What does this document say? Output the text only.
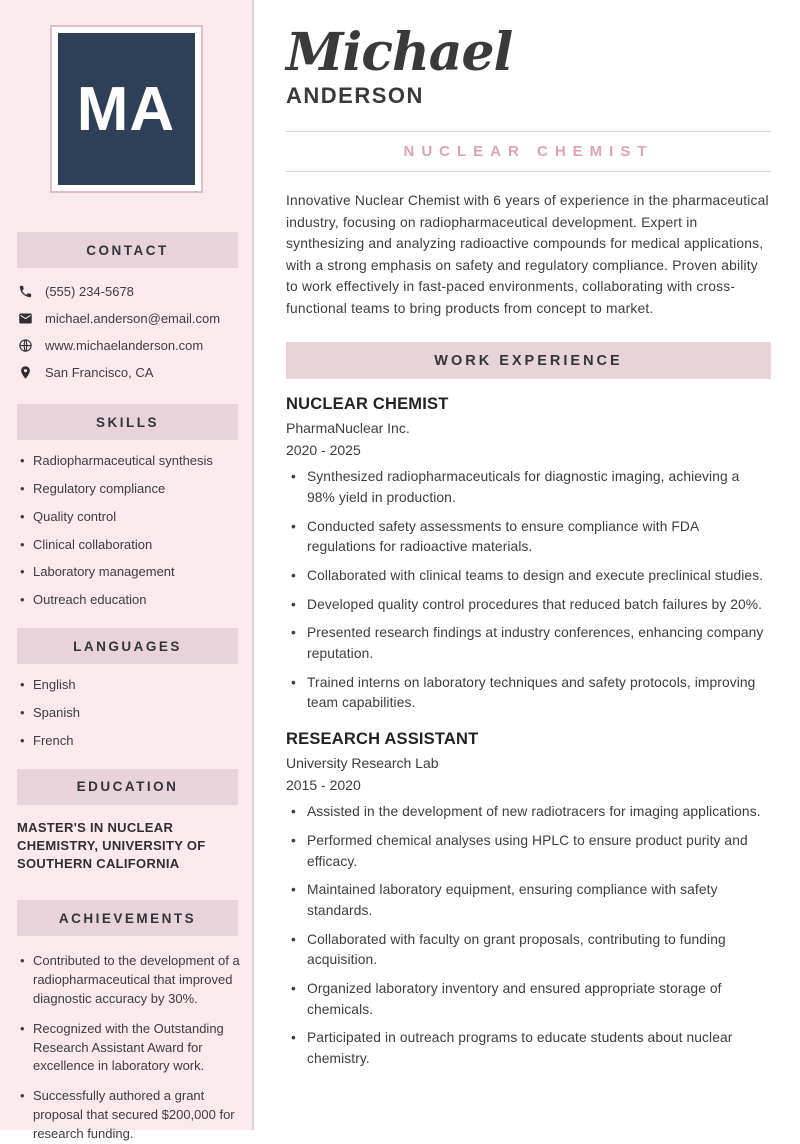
MA
CONTACT
(555) 234-5678
michael.anderson@email.com
www.michaelanderson.com
San Francisco, CA
SKILLS
• Radiopharmaceutical synthesis
• Regulatory compliance
• Quality control
• Clinical collaboration
• Laboratory management
• Outreach education
LANGUAGES
• English
• Spanish
• French
EDUCATION
MASTER'S IN NUCLEAR CHEMISTRY, UNIVERSITY OF SOUTHERN CALIFORNIA
ACHIEVEMENTS
• Contributed to the development of a radiopharmaceutical that improved diagnostic accuracy by 30%.
• Recognized with the Outstanding Research Assistant Award for excellence in laboratory work.
• Successfully authored a grant proposal that secured $200,000 for research funding.
Michael
ANDERSON
NUCLEAR CHEMIST

Innovative Nuclear Chemist with 6 years of experience in the pharmaceutical industry, focusing on radiopharmaceutical development. Expert in synthesizing and analyzing radioactive compounds for medical applications, with a strong emphasis on safety and regulatory compliance. Proven ability to work effectively in fast-paced environments, collaborating with cross-functional teams to bring products from concept to market.

WORK EXPERIENCE
NUCLEAR CHEMIST
PharmaNuclear Inc.
2020 - 2025
• Synthesized radiopharmaceuticals for diagnostic imaging, achieving a 98% yield in production.
• Conducted safety assessments to ensure compliance with FDA regulations for radioactive materials.
• Collaborated with clinical teams to design and execute preclinical studies.
• Developed quality control procedures that reduced batch failures by 20%.
• Presented research findings at industry conferences, enhancing company reputation.
• Trained interns on laboratory techniques and safety protocols, improving team capabilities.
RESEARCH ASSISTANT
University Research Lab
2015 - 2020
• Assisted in the development of new radiotracers for imaging applications.
• Performed chemical analyses using HPLC to ensure product purity and efficacy.
• Maintained laboratory equipment, ensuring compliance with safety standards.
• Collaborated with faculty on grant proposals, contributing to funding acquisition.
• Organized laboratory inventory and ensured appropriate storage of chemicals.
• Participated in outreach programs to educate students about nuclear chemistry.
